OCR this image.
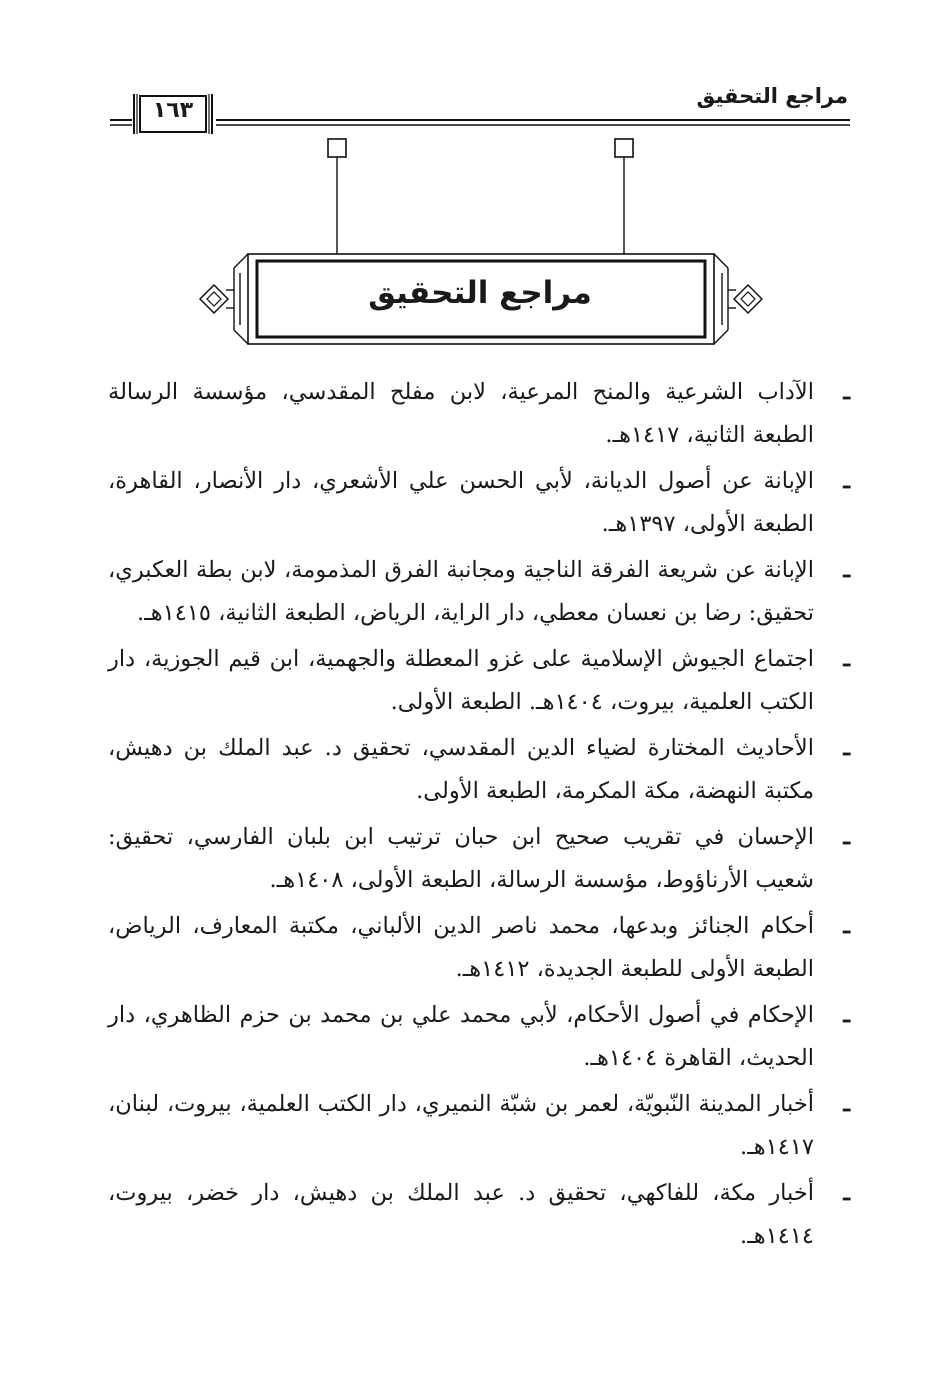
مراجع التحقيق
١٦٣
مراجع التحقيق
ـ
الآداب الشرعية والمنح المرعية، لابن مفلح المقدسي، مؤسسة الرسالة الطبعة الثانية، ١٤١٧هـ.
ـ
الإبانة عن أصول الديانة، لأبي الحسن علي الأشعري، دار الأنصار، القاهرة، الطبعة الأولى، ١٣٩٧هـ.
ـ
الإبانة عن شريعة الفرقة الناجية ومجانبة الفرق المذمومة، لابن بطة العكبري، تحقيق: رضا بن نعسان معطي، دار الراية، الرياض، الطبعة الثانية، ١٤١٥هـ.
ـ
اجتماع الجيوش الإسلامية على غزو المعطلة والجهمية، ابن قيم الجوزية، دار الكتب العلمية، بيروت، ١٤٠٤هـ. الطبعة الأولى.
ـ
الأحاديث المختارة لضياء الدين المقدسي، تحقيق د. عبد الملك بن دهيش، مكتبة النهضة، مكة المكرمة، الطبعة الأولى.
ـ
الإحسان في تقريب صحيح ابن حبان ترتيب ابن بلبان الفارسي، تحقيق: شعيب الأرناؤوط، مؤسسة الرسالة، الطبعة الأولى، ١٤٠٨هـ.
ـ
أحكام الجنائز وبدعها، محمد ناصر الدين الألباني، مكتبة المعارف، الرياض، الطبعة الأولى للطبعة الجديدة، ١٤١٢هـ.
ـ
الإحكام في أصول الأحكام، لأبي محمد علي بن محمد بن حزم الظاهري، دار الحديث، القاهرة ١٤٠٤هـ.
ـ
أخبار المدينة النّبويّة، لعمر بن شبّة النميري، دار الكتب العلمية، بيروت، لبنان، ١٤١٧هـ.
ـ
أخبار مكة، للفاكهي، تحقيق د. عبد الملك بن دهيش، دار خضر، بيروت، ١٤١٤هـ.
